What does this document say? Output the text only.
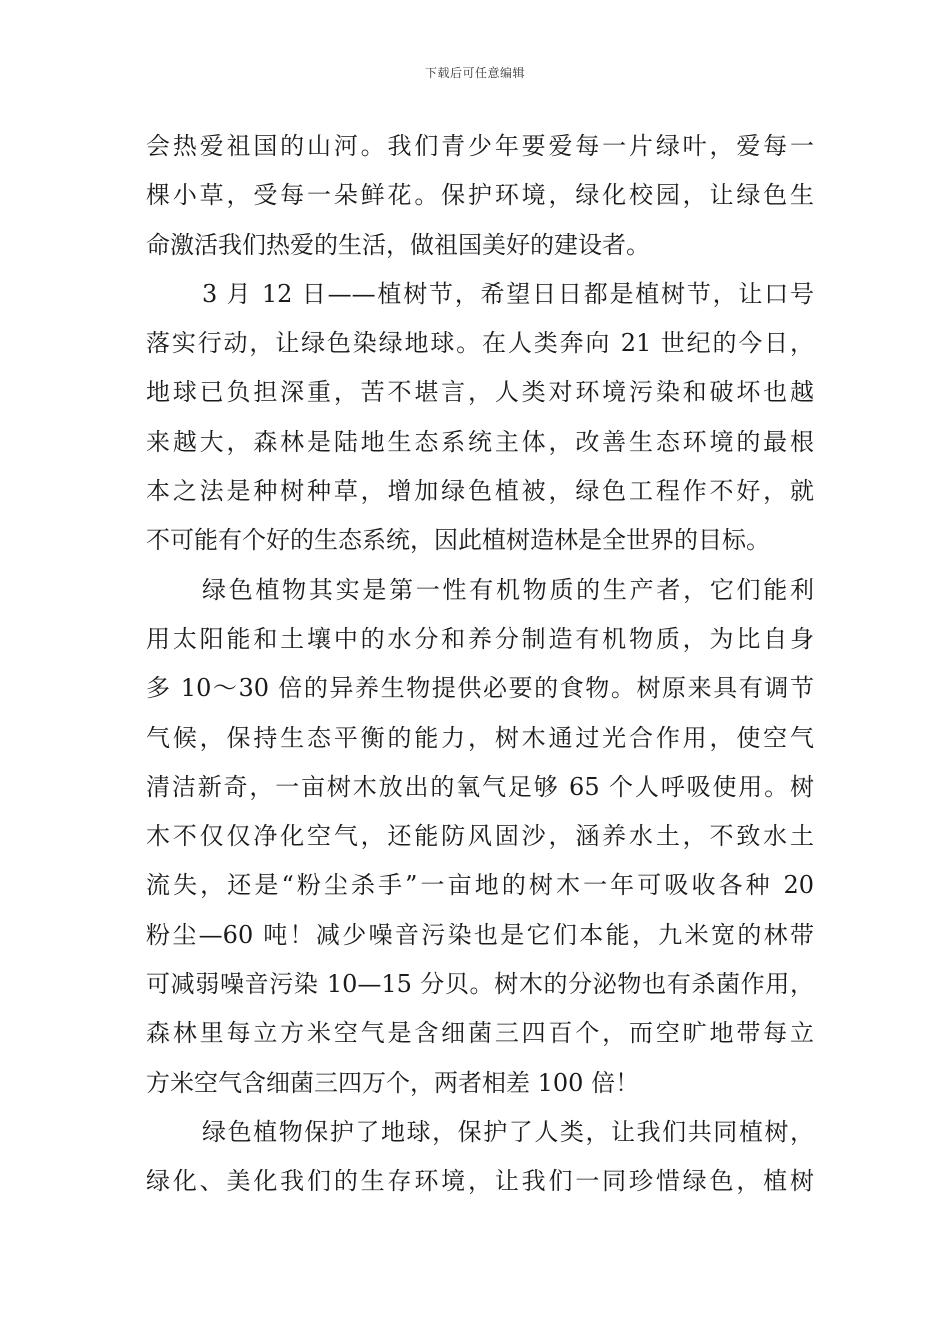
下载后可任意编辑
会热爱祖国的山河。我们青少年要爱每一片绿叶，爱每一
棵小草，受每一朵鲜花。保护环境，绿化校园，让绿色生
命激活我们热爱的生活，做祖国美好的建设者。
3 月 12 日——植树节，希望日日都是植树节，让口号
落实行动，让绿色染绿地球。在人类奔向 21 世纪的今日，
地球已负担深重，苦不堪言，人类对环境污染和破坏也越
来越大，森林是陆地生态系统主体，改善生态环境的最根
本之法是种树种草，增加绿色植被，绿色工程作不好，就
不可能有个好的生态系统，因此植树造林是全世界的目标。
绿色植物其实是第一性有机物质的生产者，它们能利
用太阳能和土壤中的水分和养分制造有机物质，为比自身
多 10～30 倍的异养生物提供必要的食物。树原来具有调节
气候，保持生态平衡的能力，树木通过光合作用，使空气
清洁新奇，一亩树木放出的氧气足够 65 个人呼吸使用。树
木不仅仅净化空气，还能防风固沙，涵养水土，不致水土
流失，还是“粉尘杀手”一亩地的树木一年可吸收各种 20
粉尘—60 吨！减少噪音污染也是它们本能，九米宽的林带
可减弱噪音污染 10—15 分贝。树木的分泌物也有杀菌作用，
森林里每立方米空气是含细菌三四百个，而空旷地带每立
方米空气含细菌三四万个，两者相差 100 倍！
绿色植物保护了地球，保护了人类，让我们共同植树，
绿化、美化我们的生存环境，让我们一同珍惜绿色，植树
